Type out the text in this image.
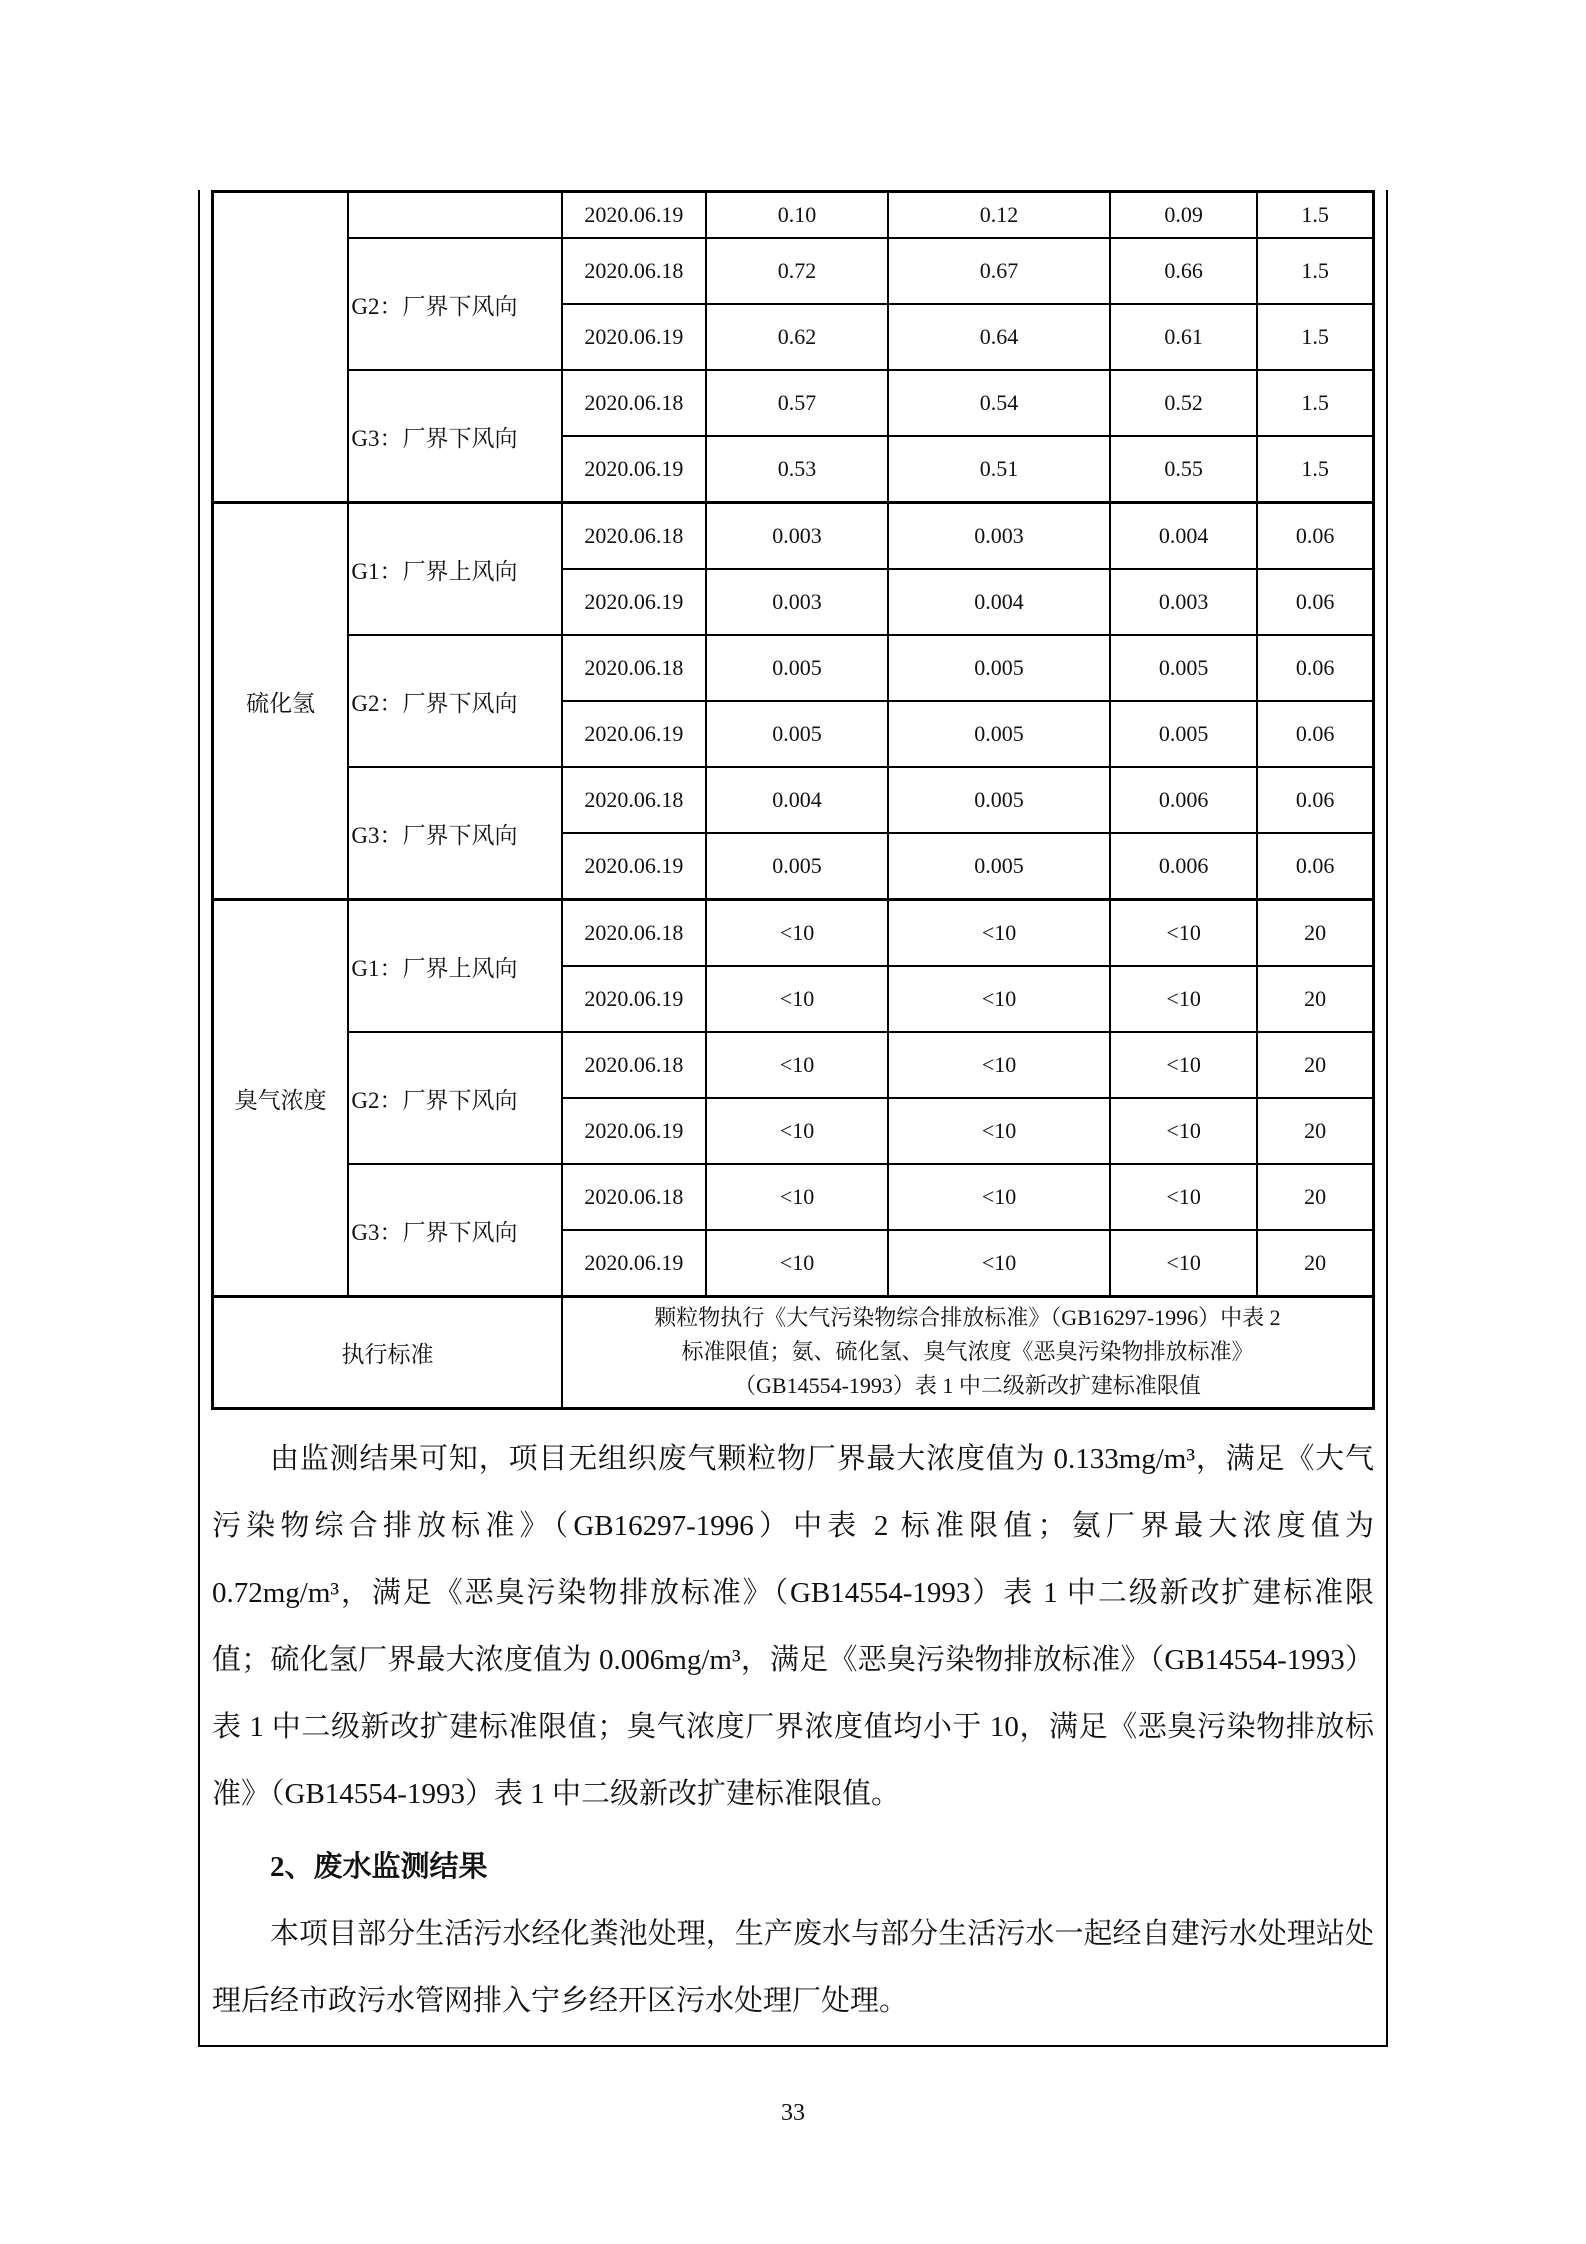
		2020.06.19	0.10	0.12	0.09	1.5
	G2：厂界下风向	2020.06.18	0.72	0.67	0.66	1.5
		2020.06.19	0.62	0.64	0.61	1.5
	G3：厂界下风向	2020.06.18	0.57	0.54	0.52	1.5
		2020.06.19	0.53	0.51	0.55	1.5
硫化氢	G1：厂界上风向	2020.06.18	0.003	0.003	0.004	0.06
		2020.06.19	0.003	0.004	0.003	0.06
	G2：厂界下风向	2020.06.18	0.005	0.005	0.005	0.06
		2020.06.19	0.005	0.005	0.005	0.06
	G3：厂界下风向	2020.06.18	0.004	0.005	0.006	0.06
		2020.06.19	0.005	0.005	0.006	0.06
臭气浓度	G1：厂界上风向	2020.06.18	<10	<10	<10	20
		2020.06.19	<10	<10	<10	20
	G2：厂界下风向	2020.06.18	<10	<10	<10	20
		2020.06.19	<10	<10	<10	20
	G3：厂界下风向	2020.06.18	<10	<10	<10	20
		2020.06.19	<10	<10	<10	20
执行标准		颗粒物执行《大气污染物综合排放标准》（GB16297-1996）中表 2
标准限值；氨、硫化氢、臭气浓度《恶臭污染物排放标准》
（GB14554-1993）表 1 中二级新改扩建标准限值				

由监测结果可知，项目无组织废气颗粒物厂界最大浓度值为 0.133mg/m³，满足《大气污染物综合排放标准》（GB16297-1996）中表 2 标准限值；氨厂界最大浓度值为 0.72mg/m³，满足《恶臭污染物排放标准》（GB14554-1993）表 1 中二级新改扩建标准限值；硫化氢厂界最大浓度值为 0.006mg/m³，满足《恶臭污染物排放标准》（GB14554-1993）表 1 中二级新改扩建标准限值；臭气浓度厂界浓度值均小于 10，满足《恶臭污染物排放标准》（GB14554-1993）表 1 中二级新改扩建标准限值。

2、废水监测结果

本项目部分生活污水经化粪池处理，生产废水与部分生活污水一起经自建污水处理站处理后经市政污水管网排入宁乡经开区污水处理厂处理。

33
